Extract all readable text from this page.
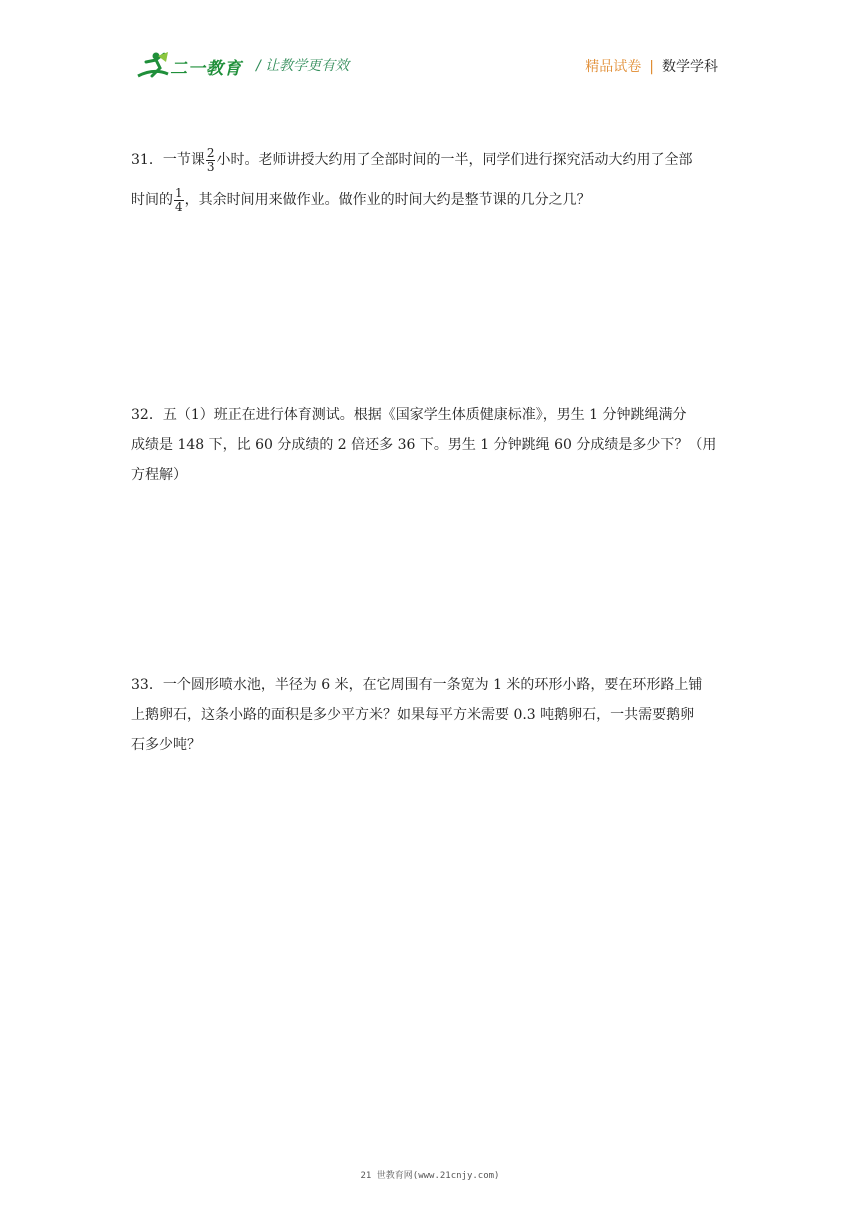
二一教育 / 让教学更有效	精品试卷 | 数学学科

31．一节课 $\frac{2}{3}$ 小时。老师讲授大约用了全部时间的一半，同学们进行探究活动大约用了全部

时间的 $\frac{1}{4}$ ，其余时间用来做作业。做作业的时间大约是整节课的几分之几？

32．五（1）班正在进行体育测试。根据《国家学生体质健康标准》，男生 1 分钟跳绳满分

成绩是 148 下，比 60 分成绩的 2 倍还多 36 下。男生 1 分钟跳绳 60 分成绩是多少下？（用

方程解）

33．一个圆形喷水池，半径为 6 米，在它周围有一条宽为 1 米的环形小路，要在环形路上铺

上鹅卵石，这条小路的面积是多少平方米？如果每平方米需要 0.3 吨鹅卵石，一共需要鹅卵

石多少吨？

21 世教育网(www.21cnjy.com)
